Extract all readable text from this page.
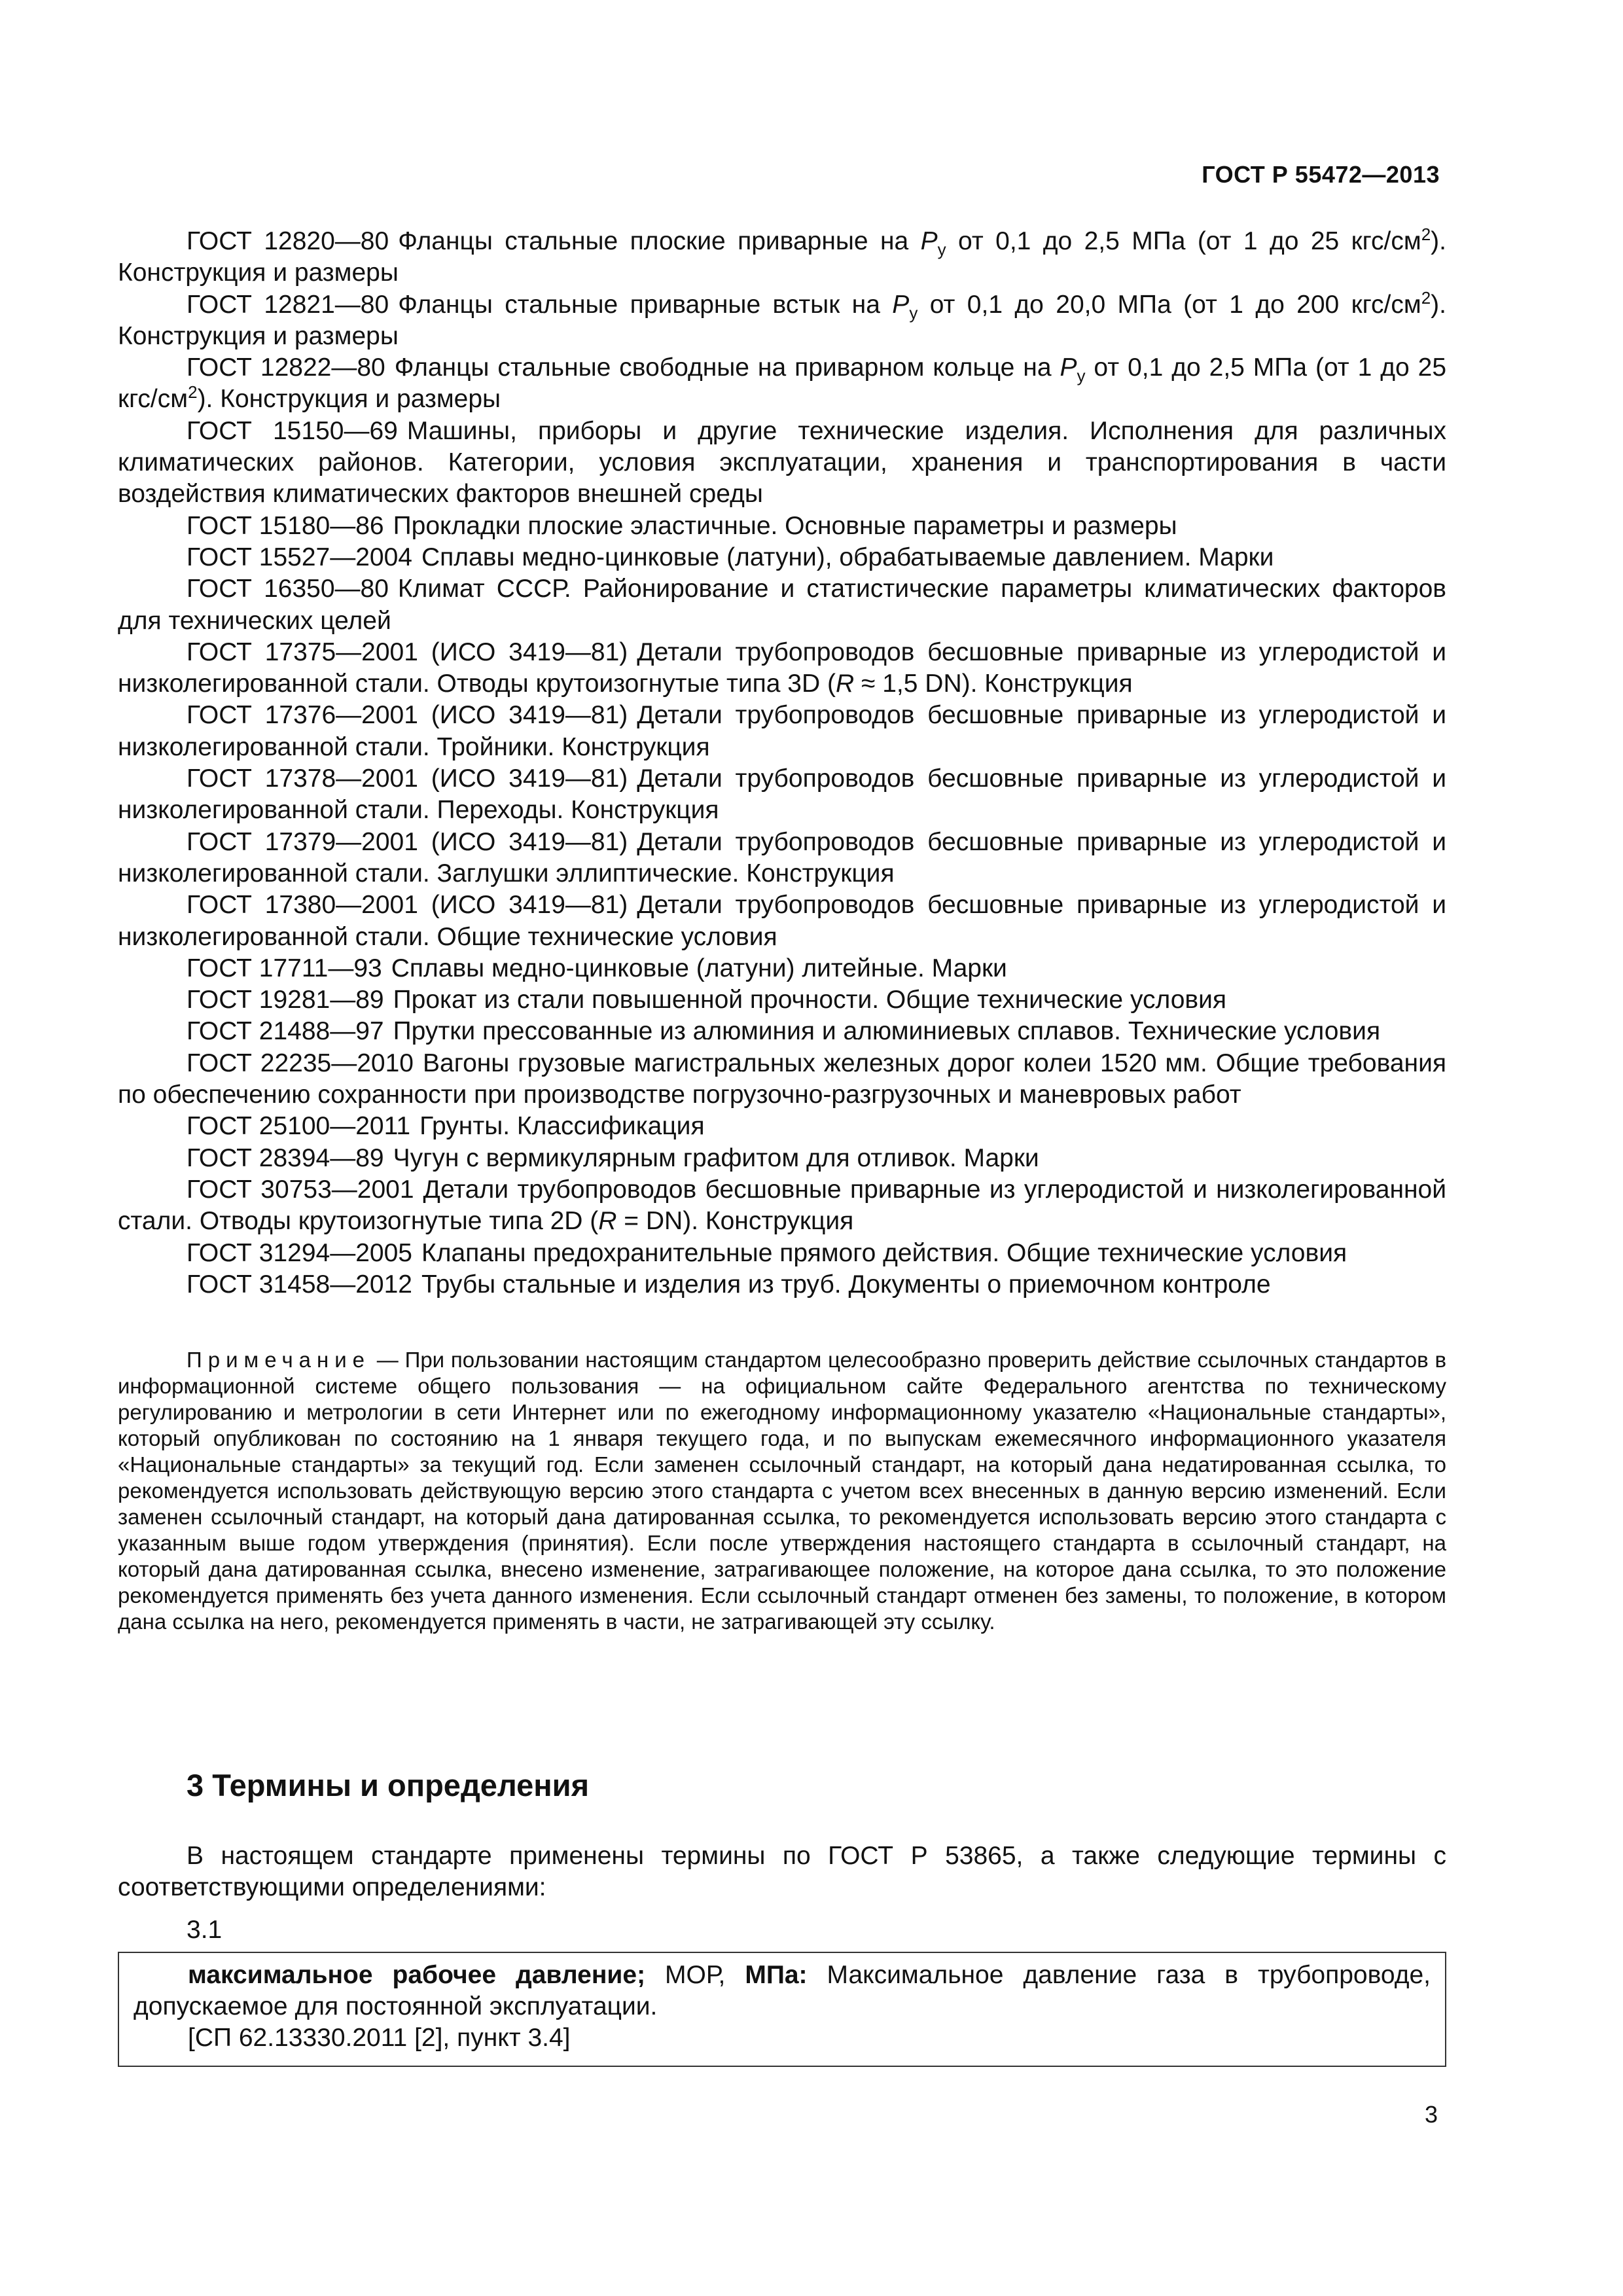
ГОСТ Р 55472—2013

ГОСТ 12820—80 Фланцы стальные плоские приварные на $P_y$ от 0,1 до 2,5 МПа (от 1 до 25 кгс/$см^2$). Конструкция и размеры

ГОСТ 12821—80 Фланцы стальные приварные встык на $P_y$ от 0,1 до 20,0 МПа (от 1 до 200 кгс/$см^2$). Конструкция и размеры

ГОСТ 12822—80 Фланцы стальные свободные на приварном кольце на $P_y$ от 0,1 до 2,5 МПа (от 1 до 25 кгс/$см^2$). Конструкция и размеры

ГОСТ 15150—69 Машины, приборы и другие технические изделия. Исполнения для различных климатических районов. Категории, условия эксплуатации, хранения и транспортирования в части воздействия климатических факторов внешней среды

ГОСТ 15180—86 Прокладки плоские эластичные. Основные параметры и размеры

ГОСТ 15527—2004 Сплавы медно-цинковые (латуни), обрабатываемые давлением. Марки

ГОСТ 16350—80 Климат СССР. Районирование и статистические параметры климатических факторов для технических целей

ГОСТ 17375—2001 (ИСО 3419—81) Детали трубопроводов бесшовные приварные из углеродистой и низколегированной стали. Отводы крутоизогнутые типа 3D (R ≈ 1,5 DN). Конструкция

ГОСТ 17376—2001 (ИСО 3419—81) Детали трубопроводов бесшовные приварные из углеродистой и низколегированной стали. Тройники. Конструкция

ГОСТ 17378—2001 (ИСО 3419—81) Детали трубопроводов бесшовные приварные из углеродистой и низколегированной стали. Переходы. Конструкция

ГОСТ 17379—2001 (ИСО 3419—81) Детали трубопроводов бесшовные приварные из углеродистой и низколегированной стали. Заглушки эллиптические. Конструкция

ГОСТ 17380—2001 (ИСО 3419—81) Детали трубопроводов бесшовные приварные из углеродистой и низколегированной стали. Общие технические условия

ГОСТ 17711—93 Сплавы медно-цинковые (латуни) литейные. Марки

ГОСТ 19281—89 Прокат из стали повышенной прочности. Общие технические условия

ГОСТ 21488—97 Прутки прессованные из алюминия и алюминиевых сплавов. Технические условия

ГОСТ 22235—2010 Вагоны грузовые магистральных железных дорог колеи 1520 мм. Общие требования по обеспечению сохранности при производстве погрузочно-разгрузочных и маневровых работ

ГОСТ 25100—2011 Грунты. Классификация

ГОСТ 28394—89 Чугун с вермикулярным графитом для отливок. Марки

ГОСТ 30753—2001 Детали трубопроводов бесшовные приварные из углеродистой и низколегированной стали. Отводы крутоизогнутые типа 2D (R = DN). Конструкция

ГОСТ 31294—2005 Клапаны предохранительные прямого действия. Общие технические условия

ГОСТ 31458—2012 Трубы стальные и изделия из труб. Документы о приемочном контроле

Примечание — При пользовании настоящим стандартом целесообразно проверить действие ссылочных стандартов в информационной системе общего пользования — на официальном сайте Федерального агентства по техническому регулированию и метрологии в сети Интернет или по ежегодному информационному указателю «Национальные стандарты», который опубликован по состоянию на 1 января текущего года, и по выпускам ежемесячного информационного указателя «Национальные стандарты» за текущий год. Если заменен ссылочный стандарт, на который дана недатированная ссылка, то рекомендуется использовать действующую версию этого стандарта с учетом всех внесенных в данную версию изменений. Если заменен ссылочный стандарт, на который дана датированная ссылка, то рекомендуется использовать версию этого стандарта с указанным выше годом утверждения (принятия). Если после утверждения настоящего стандарта в ссылочный стандарт, на который дана датированная ссылка, внесено изменение, затрагивающее положение, на которое дана ссылка, то это положение рекомендуется применять без учета данного изменения. Если ссылочный стандарт отменен без замены, то положение, в котором дана ссылка на него, рекомендуется применять в части, не затрагивающей эту ссылку.

3 Термины и определения

В настоящем стандарте применены термины по ГОСТ Р 53865, а также следующие термины с соответствующими определениями:

3.1

максимальное рабочее давление; МОР, МПа: Максимальное давление газа в трубопроводе, допускаемое для постоянной эксплуатации.

[СП 62.13330.2011 [2], пункт 3.4]

3
